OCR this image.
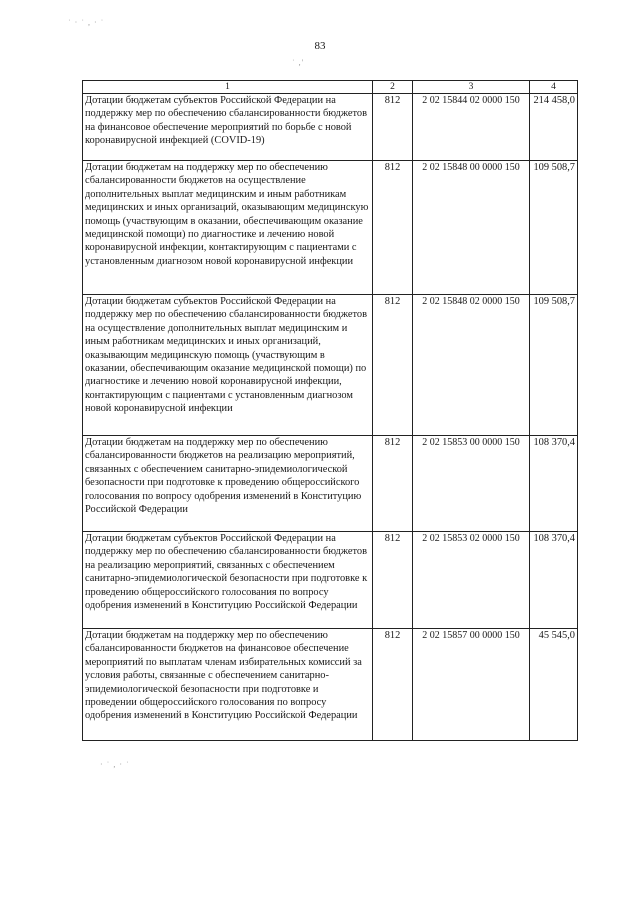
83
˙ · ˙ , · ˙
˙ ,'
· ˙ , · ˙
1	2	3	4
Дотации бюджетам субъектов Российской Федерации на поддержку мер по обеспечению сбалансированности бюджетов на финансовое обеспечение мероприятий по борьбе с новой коронавирусной инфекцией (COVID-19)	812	2 02 15844 02 0000 150	214 458,0
Дотации бюджетам на поддержку мер по обеспечению сбалансированности бюджетов на осуществление дополнительных выплат медицинским и иным работникам медицинских и иных организаций, оказывающим медицинскую помощь (участвующим в оказании, обеспечивающим оказание медицинской помощи) по диагностике и лечению новой коронавирусной инфекции, контактирующим с пациентами с установленным диагнозом новой коронавирусной инфекции	812	2 02 15848 00 0000 150	109 508,7
Дотации бюджетам субъектов Российской Федерации на поддержку мер по обеспечению сбалансированности бюджетов на осуществление дополнительных выплат медицинским и иным работникам медицинских и иных организаций, оказывающим медицинскую помощь (участвующим в оказании, обеспечивающим оказание медицинской помощи) по диагностике и лечению новой коронавирусной инфекции, контактирующим с пациентами с установленным диагнозом новой коронавирусной инфекции	812	2 02 15848 02 0000 150	109 508,7
Дотации бюджетам на поддержку мер по обеспечению сбалансированности бюджетов на реализацию мероприятий, связанных с обеспечением санитарно-эпидемиологической безопасности при подготовке к проведению общероссийского голосования по вопросу одобрения изменений в Конституцию Российской Федерации	812	2 02 15853 00 0000 150	108 370,4
Дотации бюджетам субъектов Российской Федерации на поддержку мер по обеспечению сбалансированности бюджетов на реализацию мероприятий, связанных с обеспечением санитарно-эпидемиологической безопасности при подготовке к проведению общероссийского голосования по вопросу одобрения изменений в Конституцию Российской Федерации	812	2 02 15853 02 0000 150	108 370,4
Дотации бюджетам на поддержку мер по обеспечению сбалансированности бюджетов на финансовое обеспечение мероприятий по выплатам членам избирательных комиссий за условия работы, связанные с обеспечением санитарно-эпидемиологической безопасности при подготовке и проведении общероссийского голосования по вопросу одобрения изменений в Конституцию Российской Федерации	812	2 02 15857 00 0000 150	45 545,0
